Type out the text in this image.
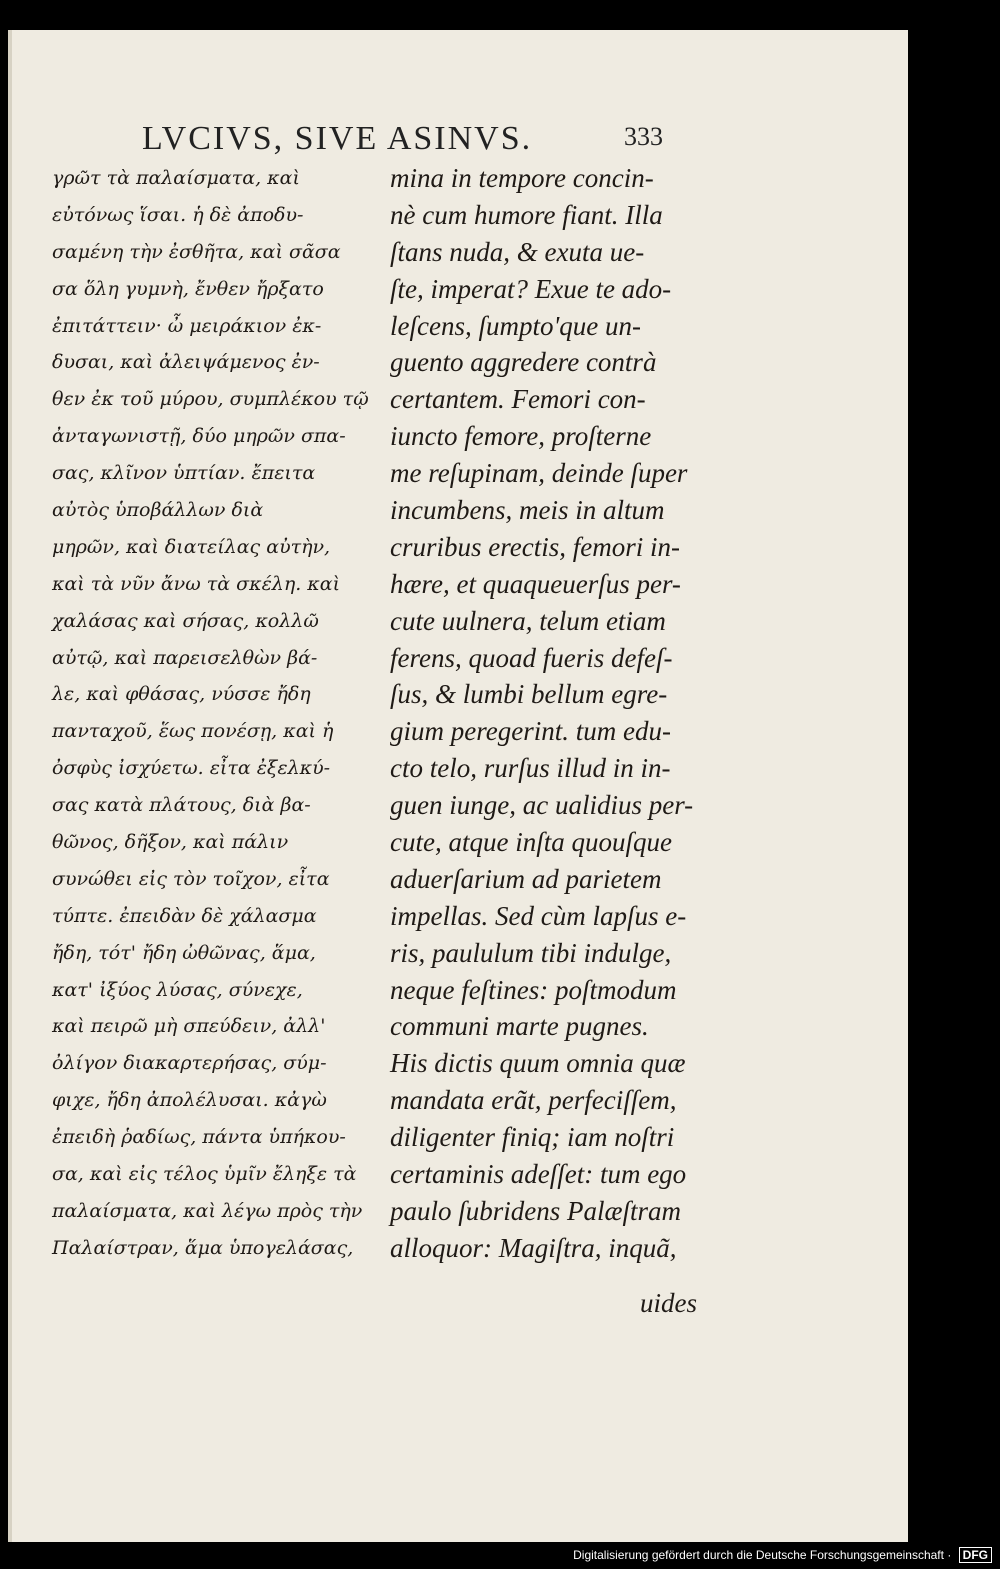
LVCIVS, SIVE ASINVS.	333
γρῶτ τὰ παλαίσματα, καὶ
εὐτόνως ἵσαι. ἡ δὲ ἀποδυ-
σαμένη τὴν ἐσθῆτα, καὶ σᾶσα
σα ὅλη γυμνὴ, ἔνθεν ἤρξατο
ἐπιτάττειν· ὦ μειράκιον ἐκ-
δυσαι, καὶ ἀλειψάμενος ἐν-
θεν ἐκ τοῦ μύρου, συμπλέκου τῷ
ἀνταγωνιστῇ, δύο μηρῶν σπα-
σας, κλῖνον ὑπτίαν. ἔπειτα
αὐτὸς ὑποβάλλων διὰ
μηρῶν, καὶ διατείλας αὐτὴν,
καὶ τὰ νῦν ἄνω τὰ σκέλη. καὶ
χαλάσας καὶ σήσας, κολλῶ
αὐτῷ, καὶ παρεισελθὼν βά-
λε, καὶ φθάσας, νύσσε ἤδη
πανταχοῦ, ἕως πονέσῃ, καὶ ἡ
ὀσφὺς ἰσχύετω. εἶτα ἐξελκύ-
σας κατὰ πλάτους, διὰ βα-
θῶνος, δῆξον, καὶ πάλιν
συνώθει εἰς τὸν τοῖχον, εἶτα
τύπτε. ἐπειδὰν δὲ χάλασμα
ἤδη, τότ' ἤδη ὠθῶνας, ἅμα,
κατ' ἰξύος λύσας, σύνεχε,
καὶ πειρῶ μὴ σπεύδειν, ἀλλ'
ὀλίγον διακαρτερήσας, σύμ-
φιχε, ἤδη ἀπολέλυσαι. κἀγὼ
ἐπειδὴ ῥαδίως, πάντα ὑπήκου-
σα, καὶ εἰς τέλος ὑμῖν ἔληξε τὰ
παλαίσματα, καὶ λέγω πρὸς τὴν
Παλαίστραν, ἅμα ὑπογελάσας,
mina in tempore concin-
nè cum humore fiant. Illa
ſtans nuda, & exuta ue-
ſte, imperat? Exue te ado-
leſcens, ſumpto'que un-
guento aggredere contrà
certantem. Femori con-
iuncto femore, proſterne
me reſupinam, deinde ſuper
incumbens, meis in altum
cruribus erectis, femori in-
hære, et quaqueuerſus per-
cute uulnera, telum etiam
ferens, quoad fueris defeſ-
ſus, & lumbi bellum egre-
gium peregerint. tum edu-
cto telo, rurſus illud in in-
guen iunge, ac ualidius per-
cute, atque inſta quouſque
aduerſarium ad parietem
impellas. Sed cùm lapſus e-
ris, paululum tibi indulge,
neque feſtines: poſtmodum
communi marte pugnes.
His dictis quum omnia quæ
mandata erãt, perfeciſſem,
diligenter finiq; iam noſtri
certaminis adeſſet: tum ego
paulo ſubridens Palæſtram
alloquor: Magiſtra, inquã,
uides
Digitalisierung gefördert durch die Deutsche Forschungsgemeinschaft · DFG
